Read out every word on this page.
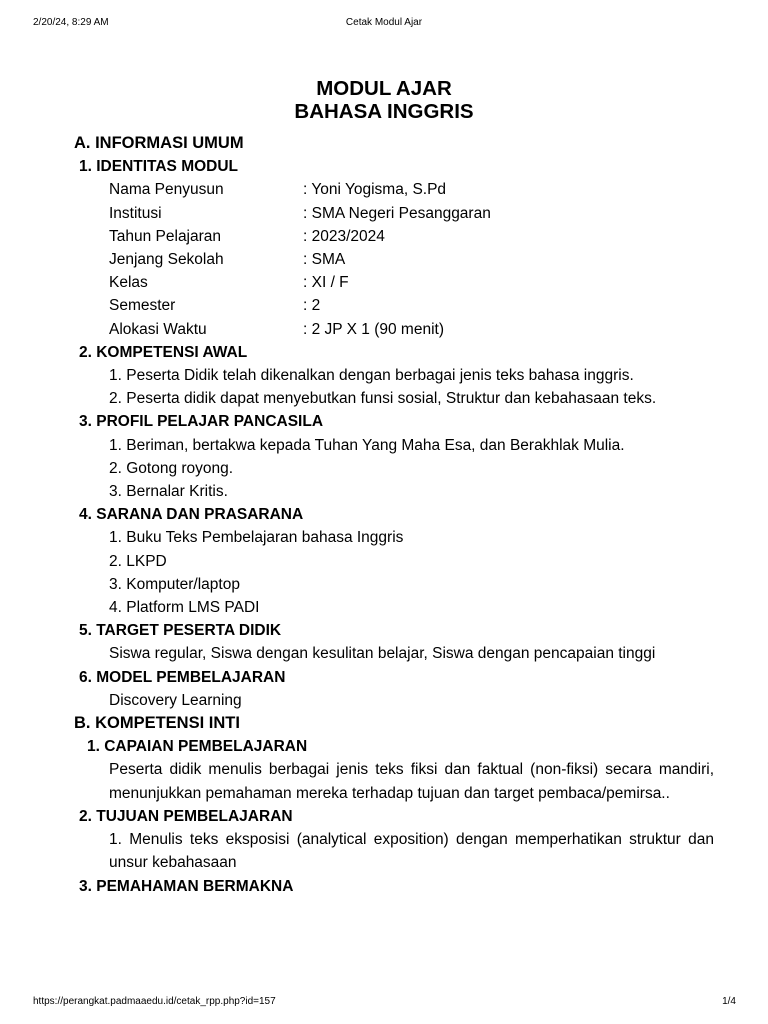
2/20/24, 8:29 AM	Cetak Modul Ajar
MODUL AJAR
BAHASA INGGRIS
A. INFORMASI UMUM
1. IDENTITAS MODUL
Nama Penyusun	: Yoni Yogisma, S.Pd
Institusi	: SMA Negeri Pesanggaran
Tahun Pelajaran	: 2023/2024
Jenjang Sekolah	: SMA
Kelas	: XI / F
Semester	: 2
Alokasi Waktu	: 2 JP X 1 (90 menit)
2. KOMPETENSI AWAL
1. Peserta Didik telah dikenalkan dengan berbagai jenis teks bahasa inggris.
2. Peserta didik dapat menyebutkan funsi sosial, Struktur dan kebahasaan teks.
3. PROFIL PELAJAR PANCASILA
1. Beriman, bertakwa kepada Tuhan Yang Maha Esa, dan Berakhlak Mulia.
2. Gotong royong.
3. Bernalar Kritis.
4. SARANA DAN PRASARANA
1. Buku Teks Pembelajaran bahasa Inggris
2. LKPD
3. Komputer/laptop
4. Platform LMS PADI
5. TARGET PESERTA DIDIK
Siswa regular, Siswa dengan kesulitan belajar, Siswa dengan pencapaian tinggi
6. MODEL PEMBELAJARAN
Discovery Learning
B. KOMPETENSI INTI
1. CAPAIAN PEMBELAJARAN
Peserta didik menulis berbagai jenis teks fiksi dan faktual (non-fiksi) secara mandiri, menunjukkan pemahaman mereka terhadap tujuan dan target pembaca/pemirsa..
2. TUJUAN PEMBELAJARAN
1. Menulis teks eksposisi (analytical exposition) dengan memperhatikan struktur dan unsur kebahasaan
3. PEMAHAMAN BERMAKNA
https://perangkat.padmaaedu.id/cetak_rpp.php?id=157	1/4
